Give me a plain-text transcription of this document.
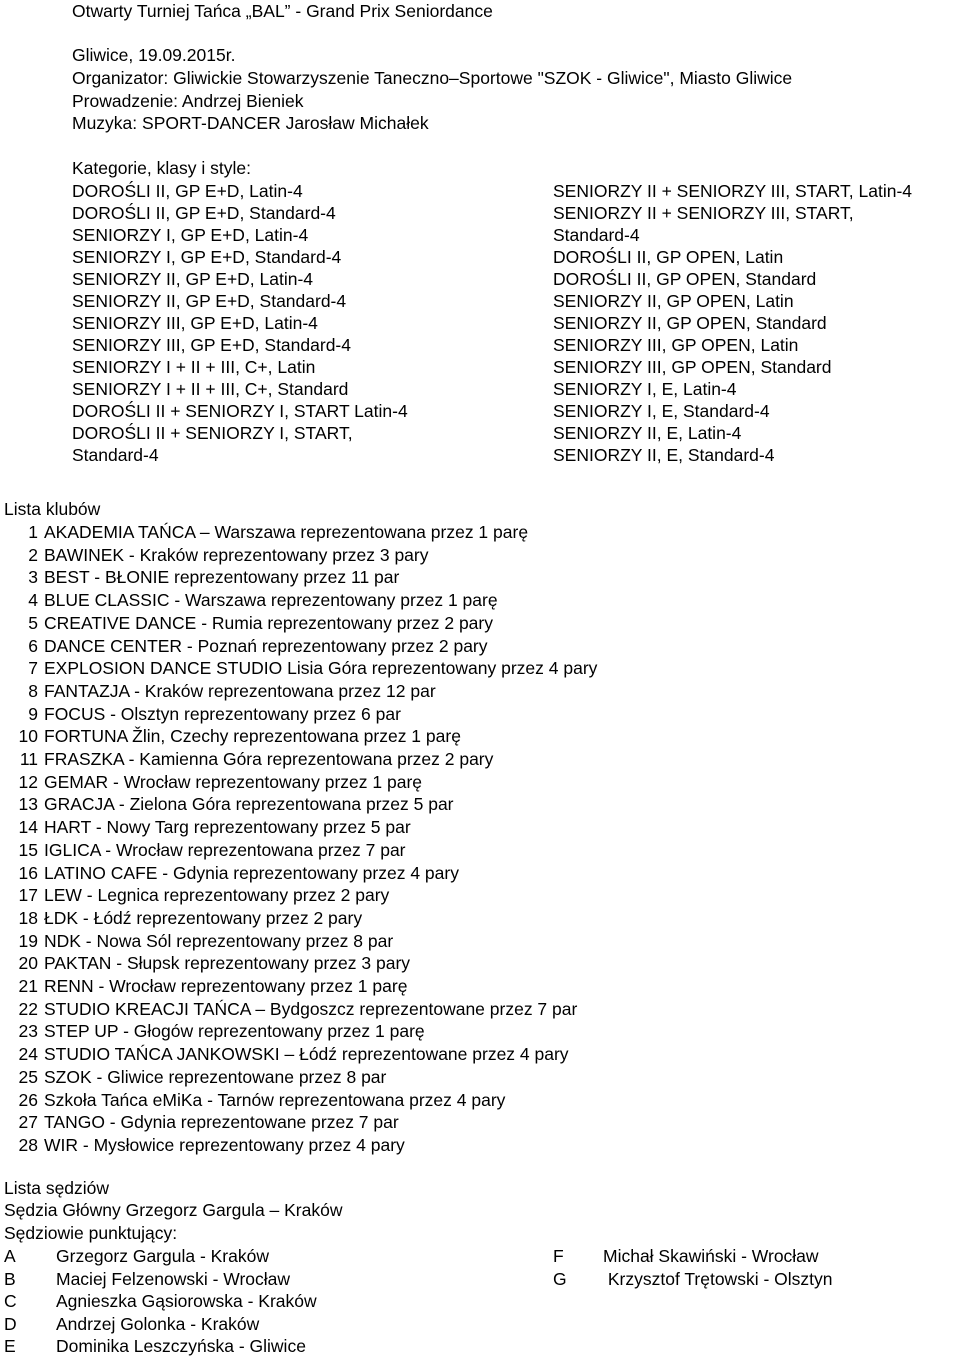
Otwarty Turniej Tańca „BAL” - Grand Prix Seniordance
Gliwice, 19.09.2015r.
Organizator: Gliwickie Stowarzyszenie Taneczno–Sportowe "SZOK - Gliwice", Miasto Gliwice
Prowadzenie: Andrzej Bieniek
Muzyka: SPORT-DANCER Jarosław Michałek
Kategorie, klasy i style:
DOROŚLI II, GP E+D, Latin-4
DOROŚLI II, GP E+D, Standard-4
SENIORZY I, GP E+D, Latin-4
SENIORZY I, GP E+D, Standard-4
SENIORZY II, GP E+D, Latin-4
SENIORZY II, GP E+D, Standard-4
SENIORZY III, GP E+D, Latin-4
SENIORZY III, GP E+D, Standard-4
SENIORZY I + II + III, C+, Latin
SENIORZY I + II + III, C+, Standard
DOROŚLI II + SENIORZY I, START Latin-4
DOROŚLI II + SENIORZY I, START,
Standard-4
SENIORZY II + SENIORZY III, START, Latin-4
SENIORZY II + SENIORZY III, START,
Standard-4
DOROŚLI II, GP OPEN, Latin
DOROŚLI II, GP OPEN, Standard
SENIORZY II, GP OPEN, Latin
SENIORZY II, GP OPEN, Standard
SENIORZY III, GP OPEN, Latin
SENIORZY III, GP OPEN, Standard
SENIORZY I, E, Latin-4
SENIORZY I, E, Standard-4
SENIORZY II, E, Latin-4
SENIORZY II, E, Standard-4
Lista klubów
1 AKADEMIA TAŃCA – Warszawa reprezentowana przez 1 parę
2 BAWINEK - Kraków reprezentowany przez 3 pary
3 BEST - BŁONIE reprezentowany przez 11 par
4 BLUE CLASSIC - Warszawa reprezentowany przez 1 parę
5 CREATIVE DANCE - Rumia reprezentowany przez 2 pary
6 DANCE CENTER - Poznań reprezentowany przez 2 pary
7 EXPLOSION DANCE STUDIO Lisia Góra reprezentowany przez 4 pary
8 FANTAZJA - Kraków reprezentowana przez 12 par
9 FOCUS - Olsztyn reprezentowany przez 6 par
10 FORTUNA Žlin, Czechy reprezentowana przez 1 parę
11 FRASZKA - Kamienna Góra reprezentowana przez 2 pary
12 GEMAR - Wrocław reprezentowany przez 1 parę
13 GRACJA - Zielona Góra reprezentowana przez 5 par
14 HART - Nowy Targ reprezentowany przez 5 par
15 IGLICA - Wrocław reprezentowana przez 7 par
16 LATINO CAFE - Gdynia reprezentowany przez 4 pary
17 LEW - Legnica reprezentowany przez 2 pary
18 ŁDK - Łódź reprezentowany przez 2 pary
19 NDK - Nowa Sól reprezentowany przez 8 par
20 PAKTAN - Słupsk reprezentowany przez 3 pary
21 RENN - Wrocław reprezentowany przez 1 parę
22 STUDIO KREACJI TAŃCA – Bydgoszcz reprezentowane przez 7 par
23 STEP UP - Głogów reprezentowany przez 1 parę
24 STUDIO TAŃCA JANKOWSKI – Łódź reprezentowane przez 4 pary
25 SZOK - Gliwice reprezentowane przez 8 par
26 Szkoła Tańca eMiKa - Tarnów reprezentowana przez 4 pary
27 TANGO - Gdynia reprezentowane przez 7 par
28 WIR - Mysłowice reprezentowany przez 4 pary
Lista sędziów
Sędzia Główny Grzegorz Gargula – Kraków
Sędziowie punktujący:
A Grzegorz Gargula - Kraków
B Maciej Felzenowski - Wrocław
C Agnieszka Gąsiorowska - Kraków
D Andrzej Golonka - Kraków
E Dominika Leszczyńska - Gliwice
F Michał Skawiński - Wrocław
G Krzysztof Trętowski - Olsztyn
